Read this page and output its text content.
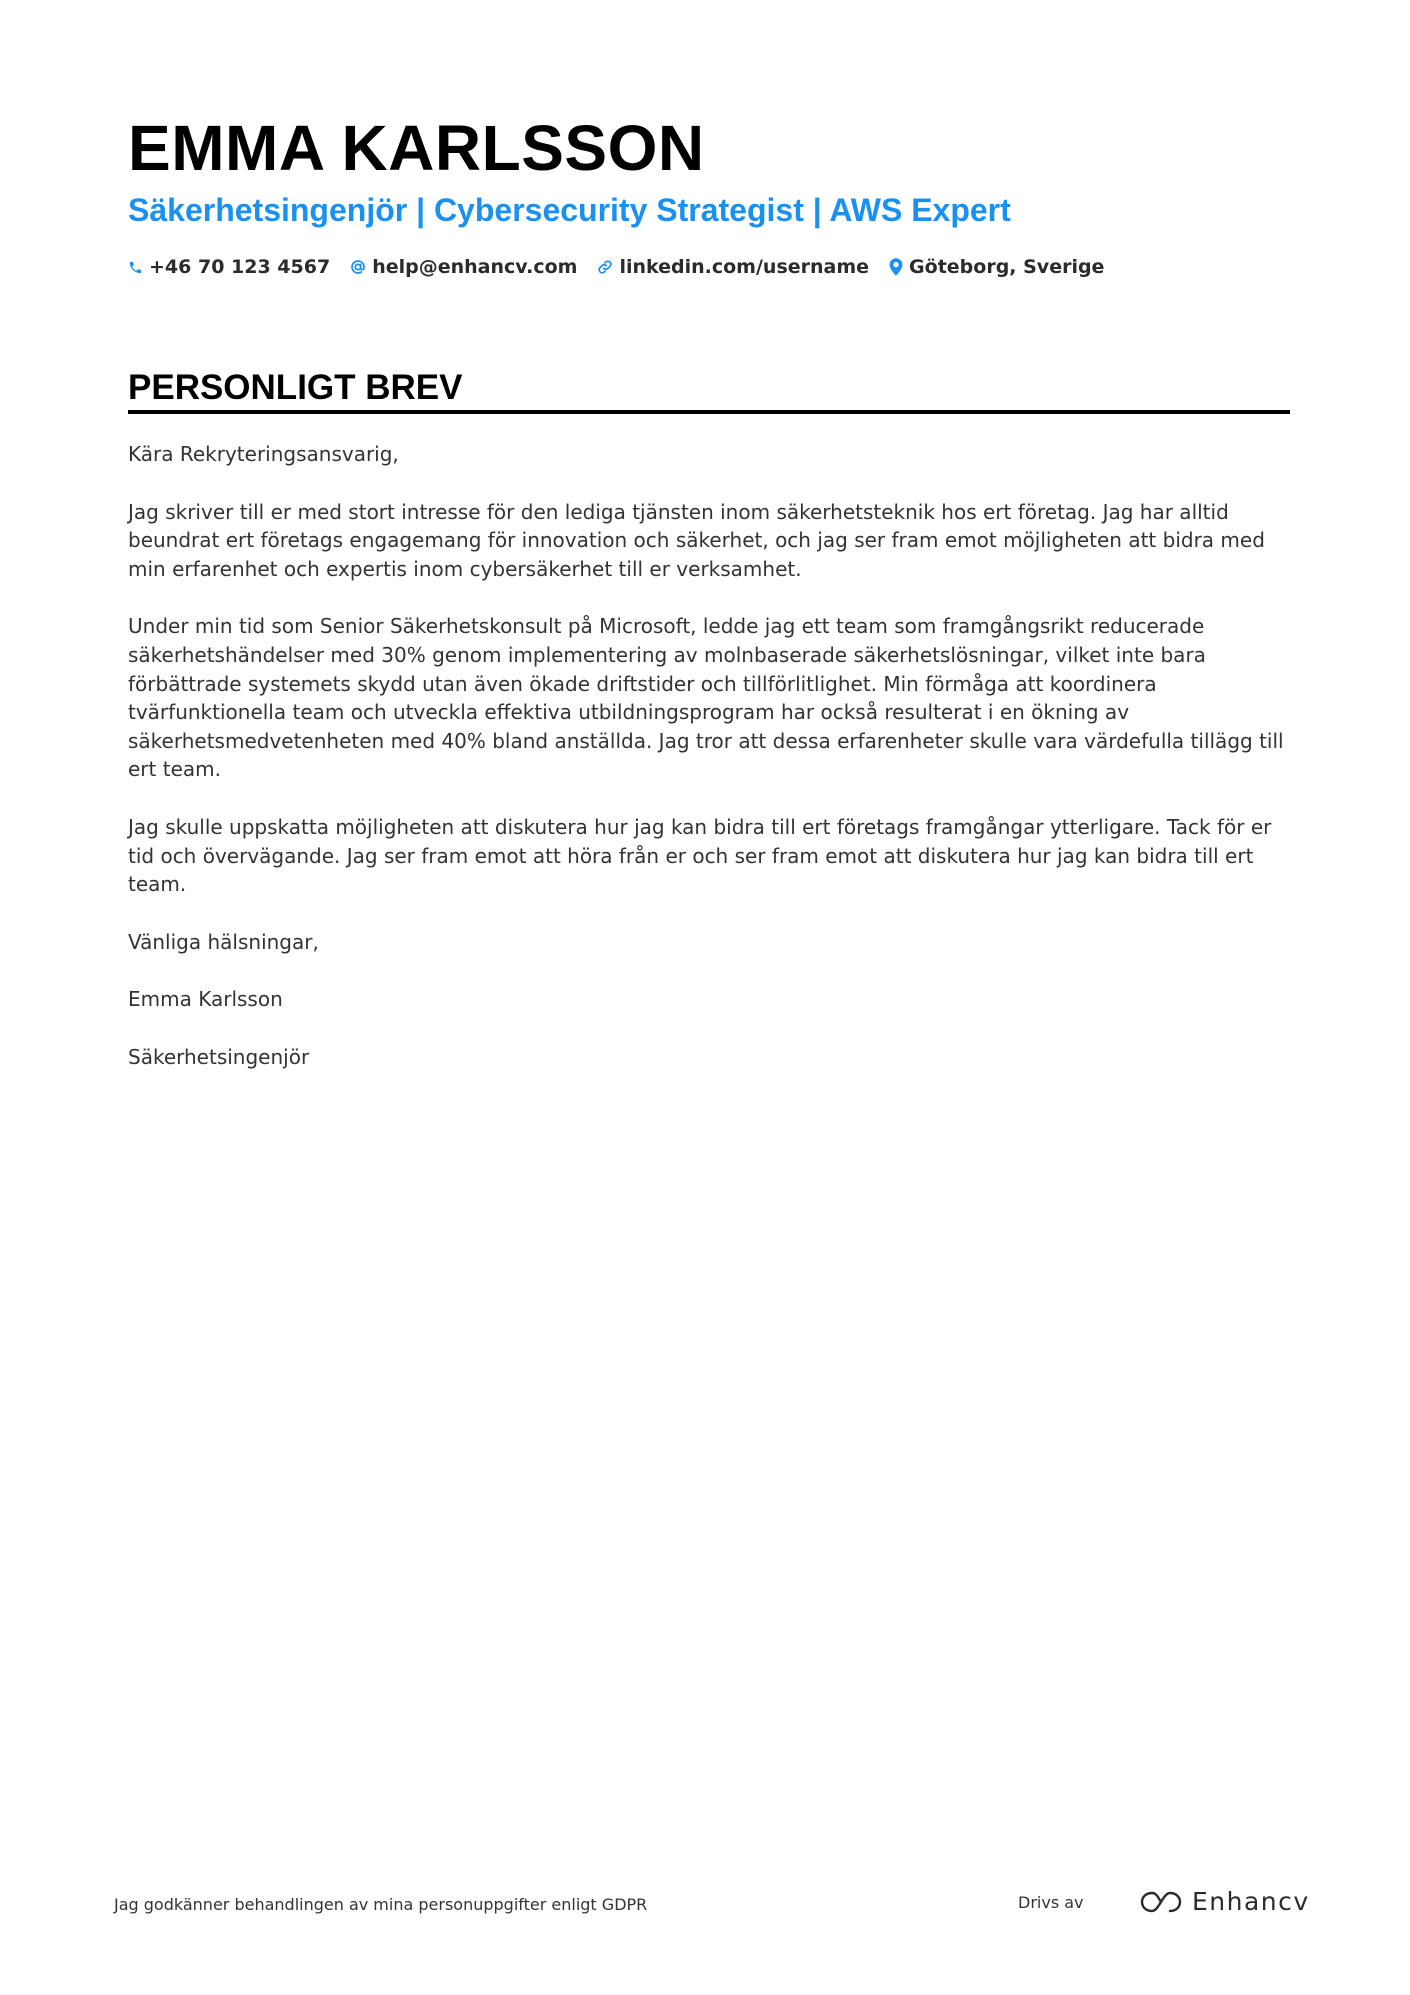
EMMA KARLSSON
Säkerhetsingenjör | Cybersecurity Strategist | AWS Expert
+46 70 123 4567 help@enhancv.com linkedin.com/username Göteborg, Sverige
PERSONLIGT BREV

Kära Rekryteringsansvarig,

Jag skriver till er med stort intresse för den lediga tjänsten inom säkerhetsteknik hos ert företag. Jag har alltid beundrat ert företags engagemang för innovation och säkerhet, och jag ser fram emot möjligheten att bidra med min erfarenhet och expertis inom cybersäkerhet till er verksamhet.

Under min tid som Senior Säkerhetskonsult på Microsoft, ledde jag ett team som framgångsrikt reducerade säkerhetshändelser med 30% genom implementering av molnbaserade säkerhetslösningar, vilket inte bara förbättrade systemets skydd utan även ökade driftstider och tillförlitlighet. Min förmåga att koordinera tvärfunktionella team och utveckla effektiva utbildningsprogram har också resulterat i en ökning av säkerhetsmedvetenheten med 40% bland anställda. Jag tror att dessa erfarenheter skulle vara värdefulla tillägg till ert team.

Jag skulle uppskatta möjligheten att diskutera hur jag kan bidra till ert företags framgångar ytterligare. Tack för er tid och övervägande. Jag ser fram emot att höra från er och ser fram emot att diskutera hur jag kan bidra till ert team.

Vänliga hälsningar,

Emma Karlsson

Säkerhetsingenjör

Jag godkänner behandlingen av mina personuppgifter enligt GDPR	Drivs av	Enhancv
